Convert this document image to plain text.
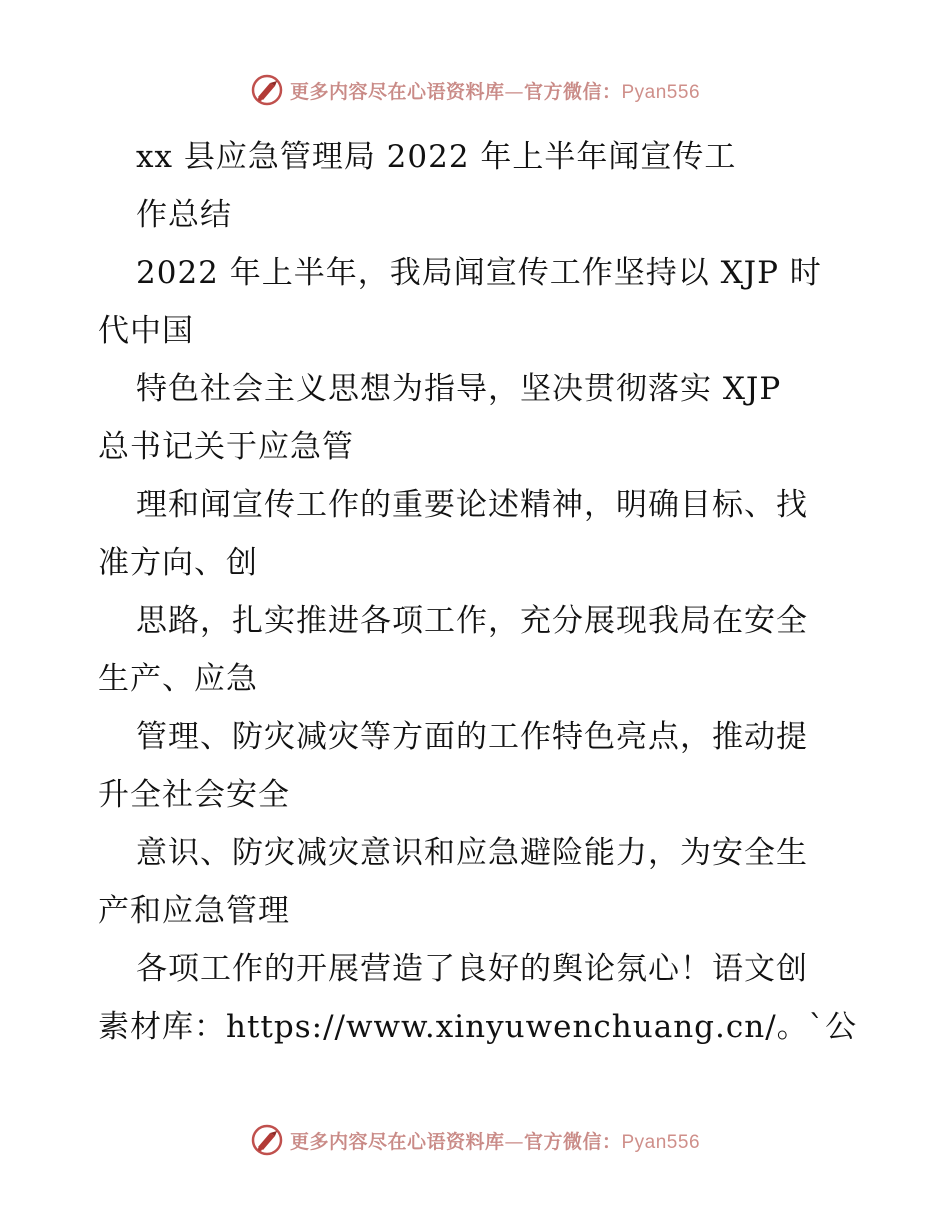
更多内容尽在心语资料库—官方微信：Pyan556
xx 县应急管理局 2022 年上半年闻宣传工
作总结
2022 年上半年，我局闻宣传工作坚持以 XJP 时
代中国
特色社会主义思想为指导，坚决贯彻落实 XJP
总书记关于应急管
理和闻宣传工作的重要论述精神，明确目标、找
准方向、创
思路，扎实推进各项工作，充分展现我局在安全
生产、应急
管理、防灾减灾等方面的工作特色亮点，推动提
升全社会安全
意识、防灾减灾意识和应急避险能力，为安全生
产和应急管理
各项工作的开展营造了良好的舆论氛心！语文创
素材库：https://www.xinyuwenchuang.cn/。`公
更多内容尽在心语资料库—官方微信：Pyan556
